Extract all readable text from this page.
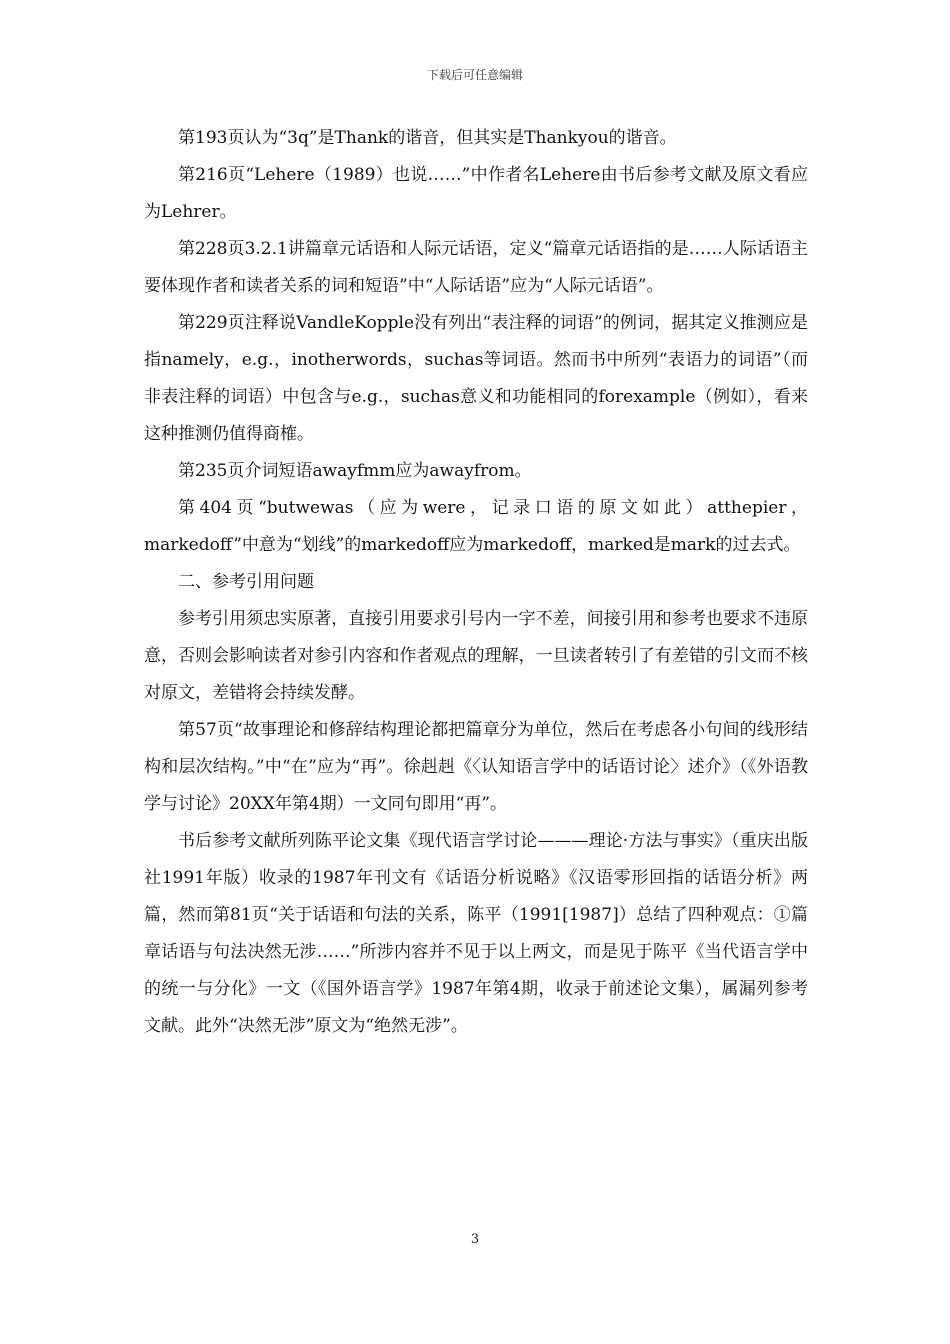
下载后可任意编辑

第193页认为“3q”是Thank的谐音，但其实是Thankyou的谐音。

第216页“Lehere（1989）也说……”中作者名Lehere由书后参考文献及原文看应为Lehrer。

第228页3.2.1讲篇章元话语和人际元话语，定义“篇章元话语指的是……人际话语主要体现作者和读者关系的词和短语”中“人际话语”应为“人际元话语”。

第229页注释说VandleKopple没有列出“表注释的词语”的例词，据其定义推测应是指namely，e.g.，inotherwords，suchas等词语。然而书中所列“表语力的词语”（而非表注释的词语）中包含与e.g.，suchas意义和功能相同的forexample（例如），看来这种推测仍值得商榷。

第235页介词短语awayfmm应为awayfrom。

第404页“butwewas（应为were，记录口语的原文如此）atthepier，markedoff”中意为“划线”的markedoff应为markedoff，marked是mark的过去式。

二、参考引用问题

参考引用须忠实原著，直接引用要求引号内一字不差，间接引用和参考也要求不违原意，否则会影响读者对参引内容和作者观点的理解，一旦读者转引了有差错的引文而不核对原文，差错将会持续发酵。

第57页“故事理论和修辞结构理论都把篇章分为单位，然后在考虑各小句间的线形结构和层次结构。”中“在”应为“再”。徐赳赳《〈认知语言学中的话语讨论〉述介》（《外语教学与讨论》20XX年第4期）一文同句即用“再”。

书后参考文献所列陈平论文集《现代语言学讨论———理论·方法与事实》（重庆出版社1991年版）收录的1987年刊文有《话语分析说略》《汉语零形回指的话语分析》两篇，然而第81页“关于话语和句法的关系，陈平（1991[1987]）总结了四种观点：①篇章话语与句法决然无涉……”所涉内容并不见于以上两文，而是见于陈平《当代语言学中的统一与分化》一文（《国外语言学》1987年第4期，收录于前述论文集），属漏列参考文献。此外“决然无涉”原文为“绝然无涉”。

3
